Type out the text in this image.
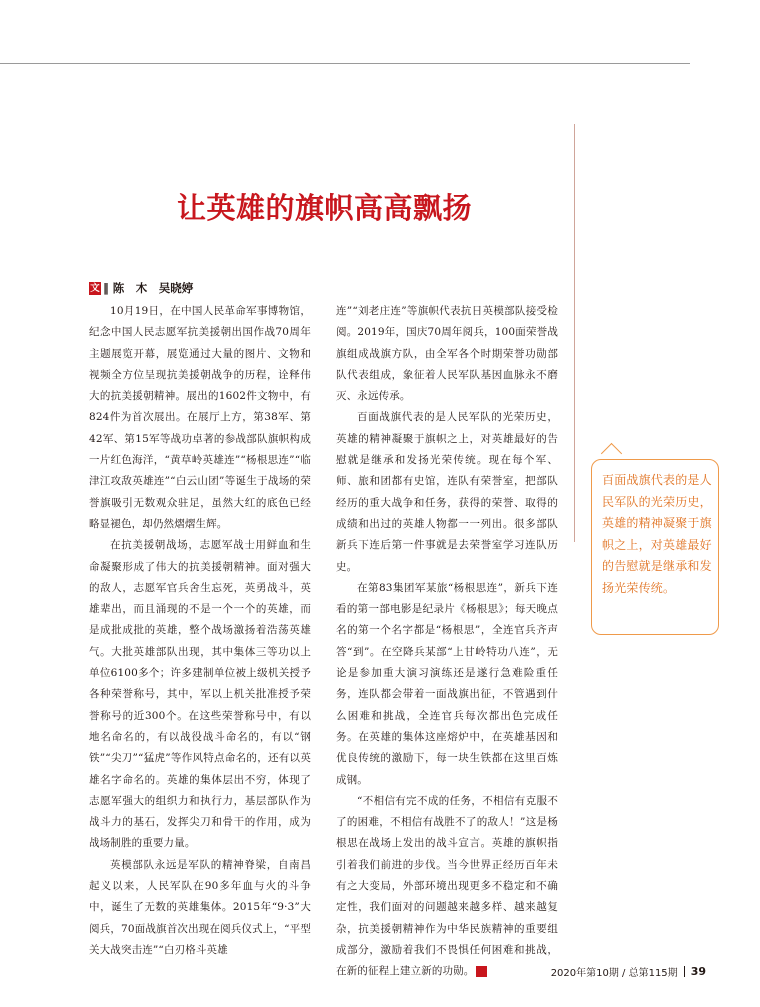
让英雄的旗帜高高飘扬
文 ‖ 陈　木　吴晓婷

10月19日，在中国人民革命军事博物馆，纪念中国人民志愿军抗美援朝出国作战70周年主题展览开幕，展览通过大量的图片、文物和视频全方位呈现抗美援朝战争的历程，诠释伟大的抗美援朝精神。展出的1602件文物中，有824件为首次展出。在展厅上方，第38军、第42军、第15军等战功卓著的参战部队旗帜构成一片红色海洋，“黄草岭英雄连”“杨根思连”“临津江攻敌英雄连”“白云山团”等诞生于战场的荣誉旗吸引无数观众驻足，虽然大红的底色已经略显褪色，却仍然熠熠生辉。

在抗美援朝战场，志愿军战士用鲜血和生命凝聚形成了伟大的抗美援朝精神。面对强大的敌人，志愿军官兵舍生忘死，英勇战斗，英雄辈出，而且涌现的不是一个一个的英雄，而是成批成批的英雄，整个战场激扬着浩荡英雄气。大批英雄部队出现，其中集体三等功以上单位6100多个；许多建制单位被上级机关授予各种荣誉称号，其中，军以上机关批准授予荣誉称号的近300个。在这些荣誉称号中，有以地名命名的，有以战役战斗命名的，有以“钢铁”“尖刀”“猛虎”等作风特点命名的，还有以英雄名字命名的。英雄的集体层出不穷，体现了志愿军强大的组织力和执行力，基层部队作为战斗力的基石，发挥尖刀和骨干的作用，成为战场制胜的重要力量。

英模部队永远是军队的精神脊梁，自南昌起义以来，人民军队在90多年血与火的斗争中，诞生了无数的英雄集体。2015年“9·3”大阅兵，70面战旗首次出现在阅兵仪式上，“平型关大战突击连”“白刃格斗英雄

连”“刘老庄连”等旗帜代表抗日英模部队接受检阅。2019年，国庆70周年阅兵，100面荣誉战旗组成战旗方队，由全军各个时期荣誉功勋部队代表组成，象征着人民军队基因血脉永不磨灭、永远传承。

百面战旗代表的是人民军队的光荣历史，英雄的精神凝聚于旗帜之上，对英雄最好的告慰就是继承和发扬光荣传统。现在每个军、师、旅和团都有史馆，连队有荣誉室，把部队经历的重大战争和任务，获得的荣誉、取得的成绩和出过的英雄人物都一一列出。很多部队新兵下连后第一件事就是去荣誉室学习连队历史。

在第83集团军某旅“杨根思连”，新兵下连看的第一部电影是纪录片《杨根思》；每天晚点名的第一个名字都是“杨根思”，全连官兵齐声答“到”。在空降兵某部“上甘岭特功八连”，无论是参加重大演习演练还是遂行急难险重任务，连队都会带着一面战旗出征，不管遇到什么困难和挑战，全连官兵每次都出色完成任务。在英雄的集体这座熔炉中，在英雄基因和优良传统的激励下，每一块生铁都在这里百炼成钢。

“不相信有完不成的任务，不相信有克服不了的困难，不相信有战胜不了的敌人！”这是杨根思在战场上发出的战斗宣言。英雄的旗帜指引着我们前进的步伐。当今世界正经历百年未有之大变局，外部环境出现更多不稳定和不确定性，我们面对的问题越来越多样、越来越复杂，抗美援朝精神作为中华民族精神的重要组成部分，激励着我们不畏惧任何困难和挑战，在新的征程上建立新的功勋。	G

百面战旗代表的是人民军队的光荣历史，英雄的精神凝聚于旗帜之上，对英雄最好的告慰就是继承和发扬光荣传统。
2020年第10期 / 总第115期 39
